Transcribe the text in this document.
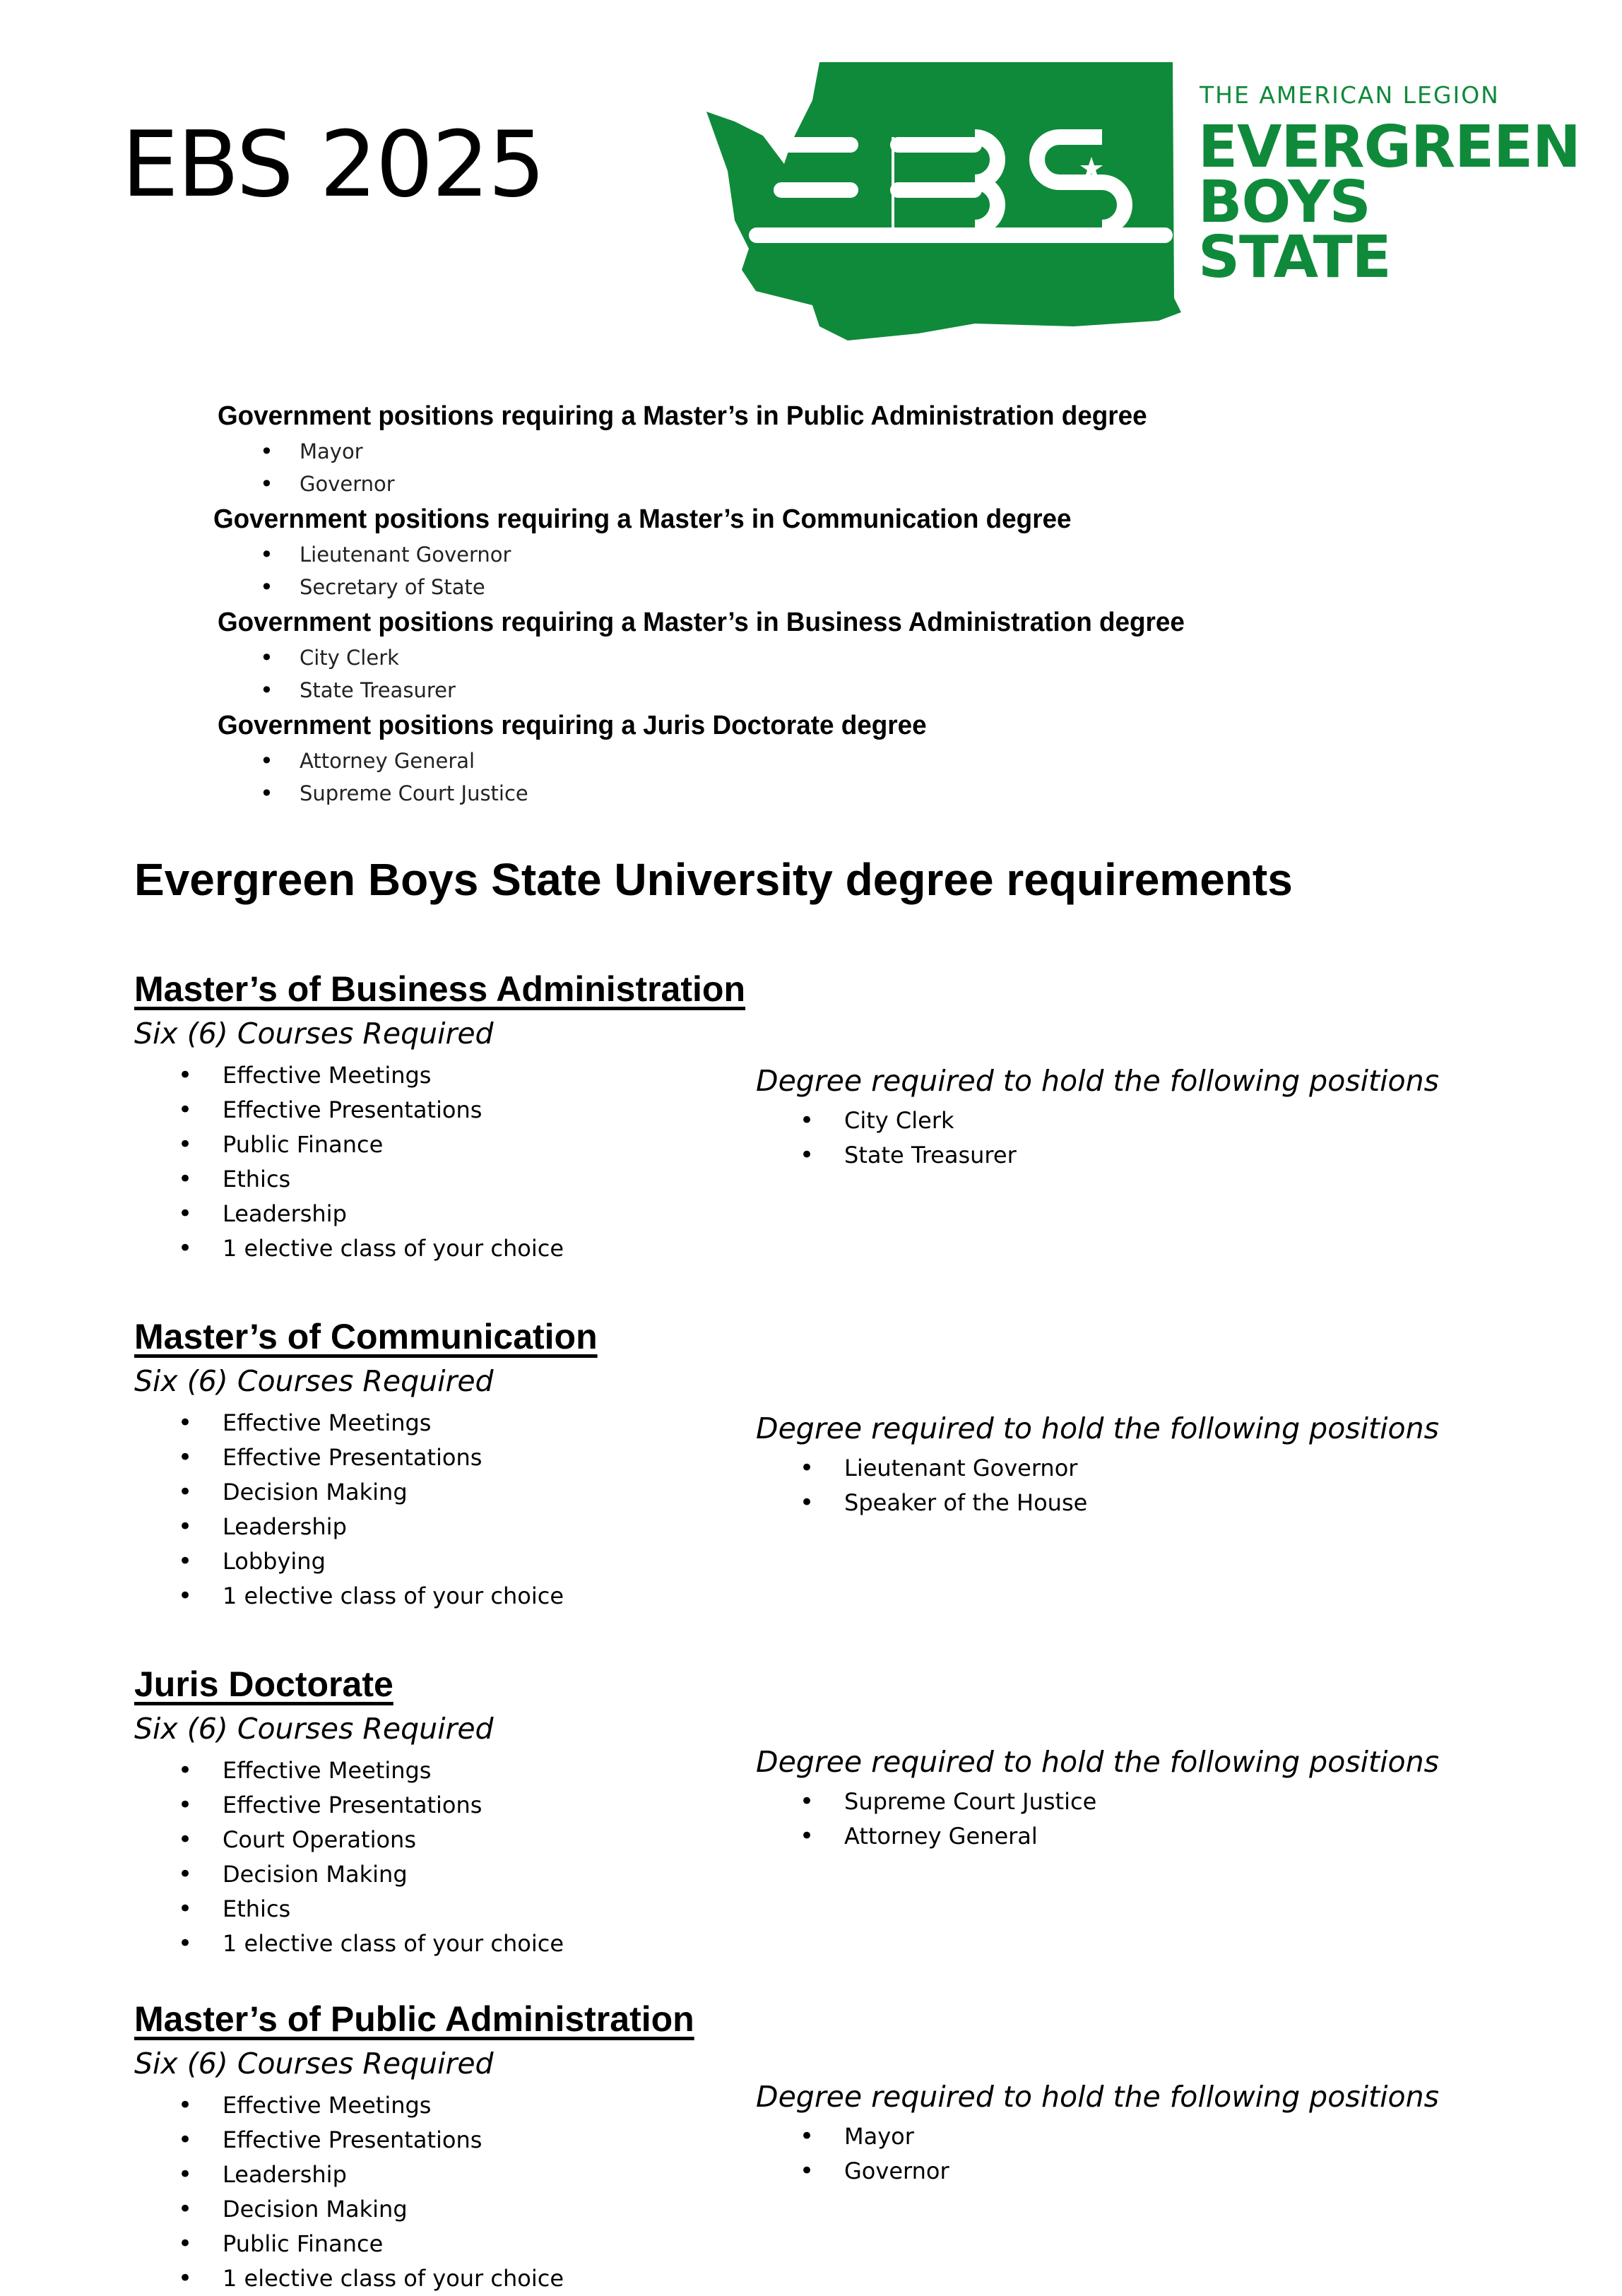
EBS 2025
THE AMERICAN LEGION
EVERGREEN
BOYS
STATE
Government positions requiring a Master’s in Public Administration degree
• Mayor
• Governor
Government positions requiring a Master’s in Communication degree
• Lieutenant Governor
• Secretary of State
Government positions requiring a Master’s in Business Administration degree
• City Clerk
• State Treasurer
Government positions requiring a Juris Doctorate degree
• Attorney General
• Supreme Court Justice
Evergreen Boys State University degree requirements
Master’s of Business Administration
Six (6) Courses Required
• Effective Meetings
• Effective Presentations
• Public Finance
• Ethics
• Leadership
• 1 elective class of your choice
Degree required to hold the following positions
• City Clerk
• State Treasurer
Master’s of Communication
Six (6) Courses Required
• Effective Meetings
• Effective Presentations
• Decision Making
• Leadership
• Lobbying
• 1 elective class of your choice
Degree required to hold the following positions
• Lieutenant Governor
• Speaker of the House
Juris Doctorate
Six (6) Courses Required
• Effective Meetings
• Effective Presentations
• Court Operations
• Decision Making
• Ethics
• 1 elective class of your choice
Degree required to hold the following positions
• Supreme Court Justice
• Attorney General
Master’s of Public Administration
Six (6) Courses Required
• Effective Meetings
• Effective Presentations
• Leadership
• Decision Making
• Public Finance
• 1 elective class of your choice
Degree required to hold the following positions
• Mayor
• Governor
